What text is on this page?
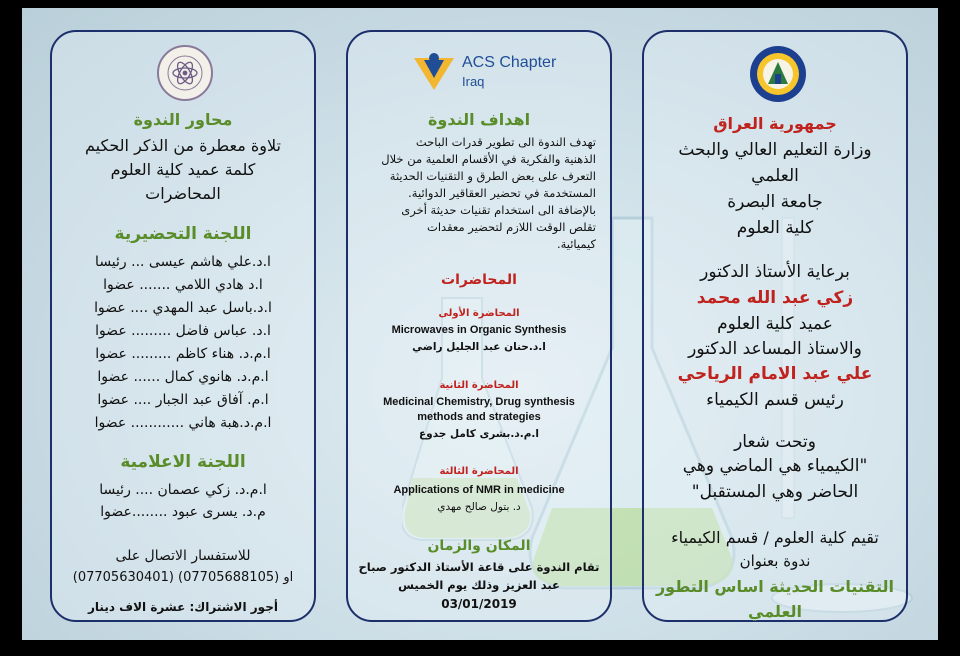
محاور الندوة
تلاوة معطرة من الذكر الحكيم
كلمة عميد كلية العلوم
المحاضرات
اللجنة التحضيرية
ا.د.علي هاشم عيسى ... رئيسا
ا.د هادي اللامي ....... عضوا
ا.د.باسل عبد المهدي .... عضوا
ا.د. عباس فاضل ......... عضوا
ا.م.د. هناء كاظم ......... عضوا
ا.م.د. هانوي كمال ...... عضوا
ا.م. آفاق عبد الجبار .... عضوا
ا.م.د.هبة هاني ............ عضوا
اللجنة الاعلامية
ا.م.د. زكي عصمان .... رئيسا
م.د. يسرى عبود ........عضوا
للاستفسار الاتصال على
(07705630401) او (07705688105)
أجور الاشتراك: عشرة الاف دينار
ACS Chapter
Iraq
اهداف الندوة
تهدف الندوة الى تطوير قدرات الباحث
الذهنية والفكرية في الأقسام العلمية من خلال
التعرف على بعض الطرق و التقنيات الحديثة
المستخدمة في تحضير العقاقير الدوائية.
بالإضافة الى استخدام تقنيات حديثة أخرى
تقلص الوقت اللازم لتحضير معقدات
كيميائية.
المحاضرات
المحاضرة الأولى
Microwaves in Organic Synthesis
ا.د.حنان عبد الجليل راضي
المحاضرة الثانية
Medicinal Chemistry, Drug synthesis
methods and strategies
ا.م.د.بشرى كامل جدوع
المحاضرة الثالثة
Applications of NMR in medicine
د. بتول صالح مهدي
المكان والزمان
تقام الندوة على قاعة الأستاذ الدكتور صباح
عبد العزيز وذلك يوم الخميس
03/01/2019
جمهورية العراق
وزارة التعليم العالي والبحث
العلمي
جامعة البصرة
كلية العلوم
برعاية الأستاذ الدكتور
زكي عبد الله محمد
عميد كلية العلوم
والاستاذ المساعد الدكتور
علي عبد الامام الرياحي
رئيس قسم الكيمياء
وتحت شعار
"الكيمياء هي الماضي وهي
الحاضر وهي المستقبل"
تقيم كلية العلوم / قسم الكيمياء
ندوة بعنوان
التقنيات الحديثة اساس التطور
العلمي
